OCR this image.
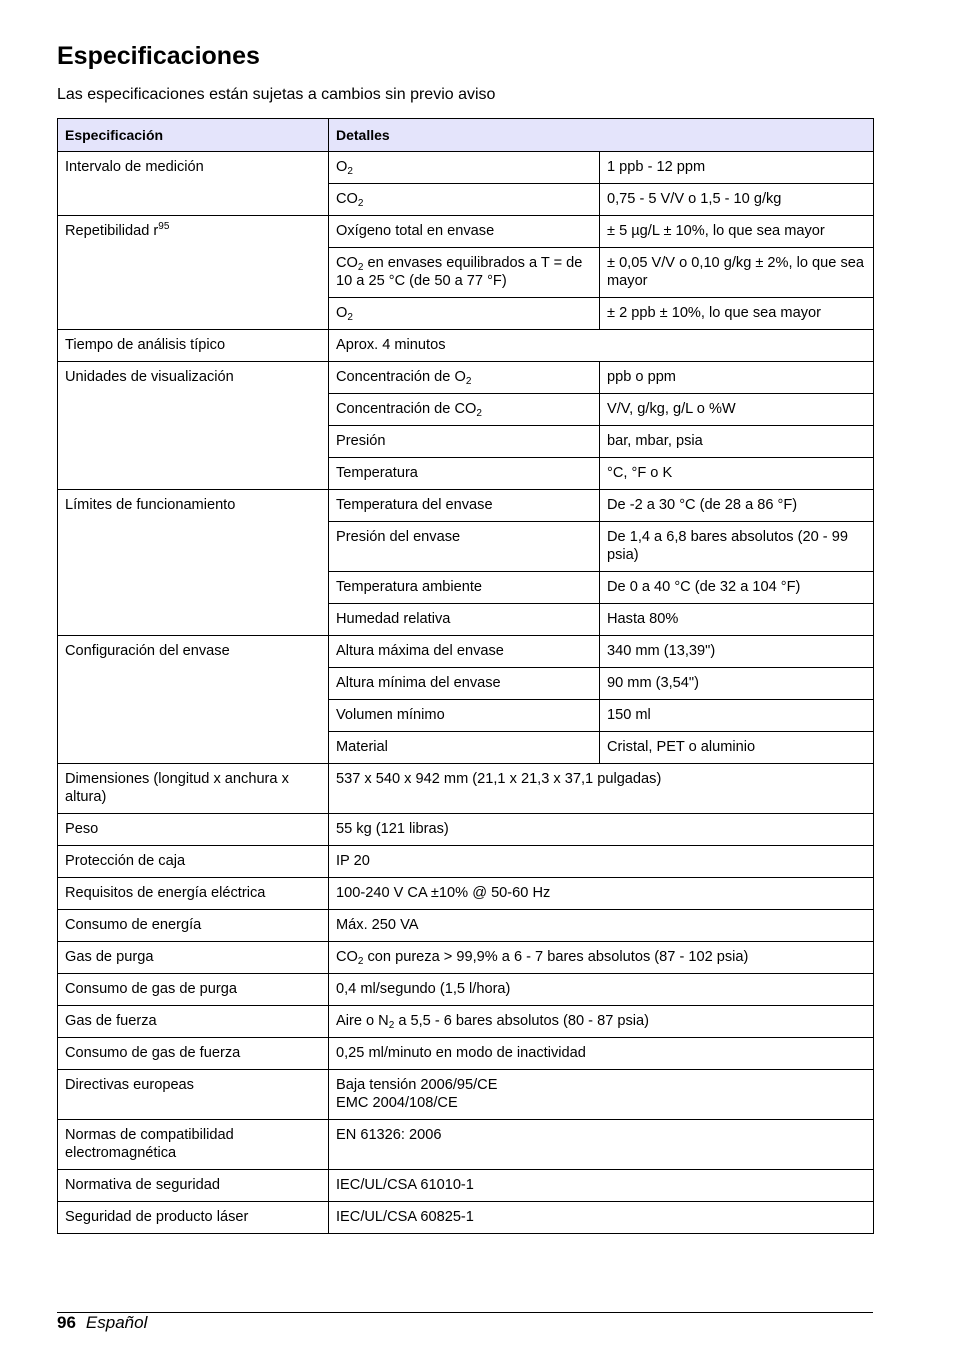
Especificaciones

Las especificaciones están sujetas a cambios sin previo aviso

Especificación	Detalles	
Intervalo de medición	$O_2$	1 ppb - 12 ppm
	$CO_2$	0,75 - 5 V/V o 1,5 - 10 g/kg
Repetibilidad $r^{95}$	Oxígeno total en envase	± 5 µg/L ± 10%, lo que sea mayor
	$CO_2$ en envases equilibrados a T = de 10 a 25 °C (de 50 a 77 °F)	± 0,05 V/V o 0,10 g/kg ± 2%, lo que sea mayor
	$O_2$	± 2 ppb ± 10%, lo que sea mayor
Tiempo de análisis típico	Aprox. 4 minutos	
Unidades de visualización	Concentración de $O_2$	ppb o ppm
	Concentración de $CO_2$	V/V, g/kg, g/L o %W
	Presión	bar, mbar, psia
	Temperatura	°C, °F o K
Límites de funcionamiento	Temperatura del envase	De -2 a 30 °C (de 28 a 86 °F)
	Presión del envase	De 1,4 a 6,8 bares absolutos (20 - 99 psia)
	Temperatura ambiente	De 0 a 40 °C (de 32 a 104 °F)
	Humedad relativa	Hasta 80%
Configuración del envase	Altura máxima del envase	340 mm (13,39")
	Altura mínima del envase	90 mm (3,54")
	Volumen mínimo	150 ml
	Material	Cristal, PET o aluminio
Dimensiones (longitud x anchura x altura)	537 x 540 x 942 mm (21,1 x 21,3 x 37,1 pulgadas)	
Peso	55 kg (121 libras)	
Protección de caja	IP 20	
Requisitos de energía eléctrica	100-240 V CA ±10% @ 50-60 Hz	
Consumo de energía	Máx. 250 VA	
Gas de purga	$CO_2$ con pureza > 99,9% a 6 - 7 bares absolutos (87 - 102 psia)	
Consumo de gas de purga	0,4 ml/segundo (1,5 l/hora)	
Gas de fuerza	Aire o $N_2$ a 5,5 - 6 bares absolutos (80 - 87 psia)	
Consumo de gas de fuerza	0,25 ml/minuto en modo de inactividad	
Directivas europeas	Baja tensión 2006/95/CE
EMC 2004/108/CE	

Normas de compatibilidad electromagnética	EN 61326: 2006	
Normativa de seguridad	IEC/UL/CSA 61010-1	
Seguridad de producto láser	IEC/UL/CSA 60825-1	
96 Español
